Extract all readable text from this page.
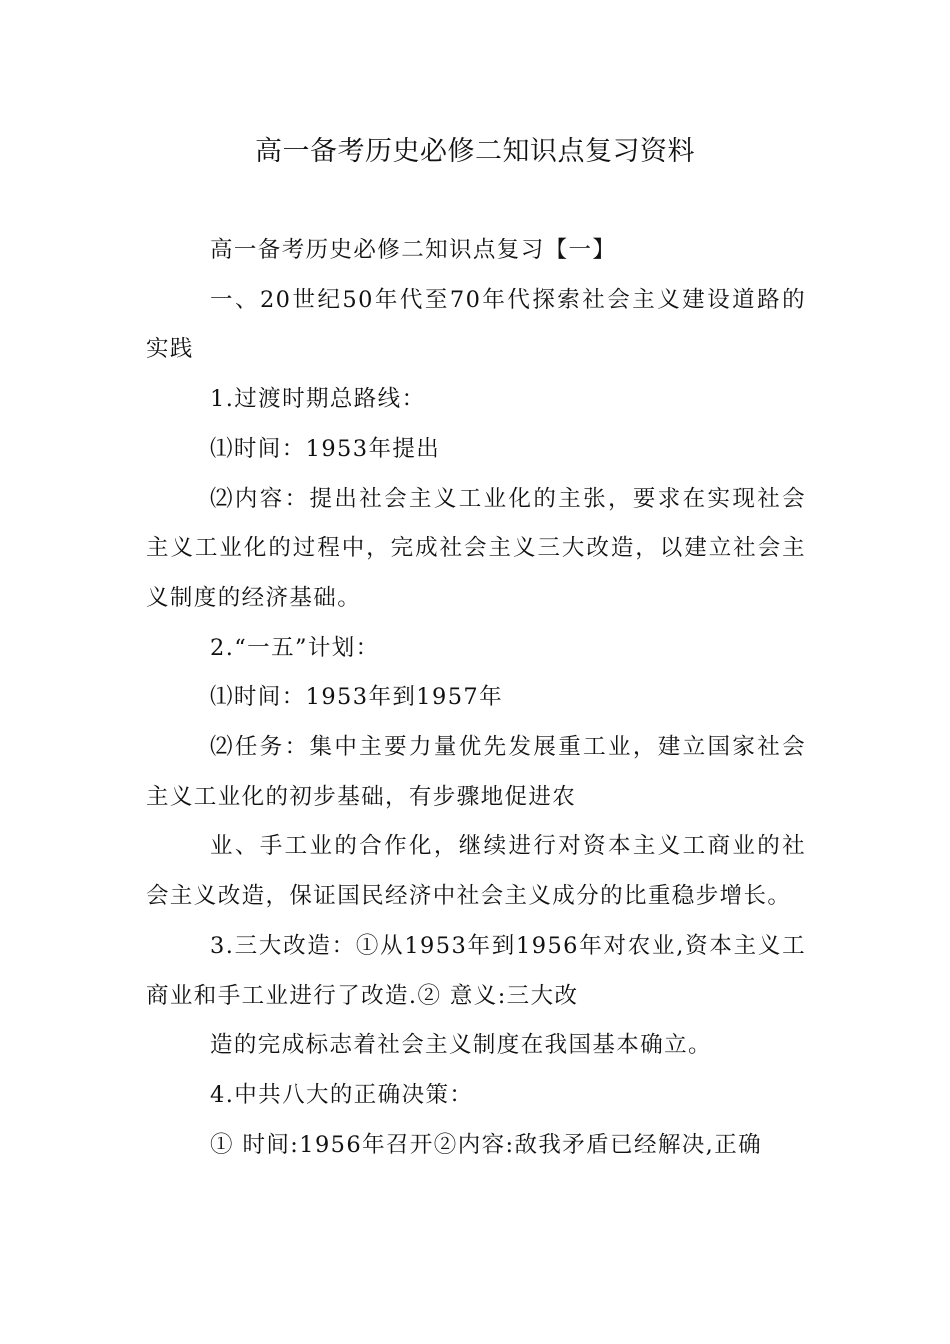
高一备考历史必修二知识点复习资料

高一备考历史必修二知识点复习【一】

一、20世纪50年代至70年代探索社会主义建设道路的实践

1.过渡时期总路线：

⑴时间：1953年提出

⑵内容：提出社会主义工业化的主张，要求在实现社会主义工业化的过程中，完成社会主义三大改造，以建立社会主义制度的经济基础。

2.“一五”计划：

⑴时间：1953年到1957年

⑵任务：集中主要力量优先发展重工业，建立国家社会主义工业化的初步基础，有步骤地促进农

业、手工业的合作化，继续进行对资本主义工商业的社会主义改造，保证国民经济中社会主义成分的比重稳步增长。

3.三大改造：①从1953年到1956年对农业,资本主义工商业和手工业进行了改造.② 意义:三大改

造的完成标志着社会主义制度在我国基本确立。

4.中共八大的正确决策：

① 时间:1956年召开②内容:敌我矛盾已经解决,正确
